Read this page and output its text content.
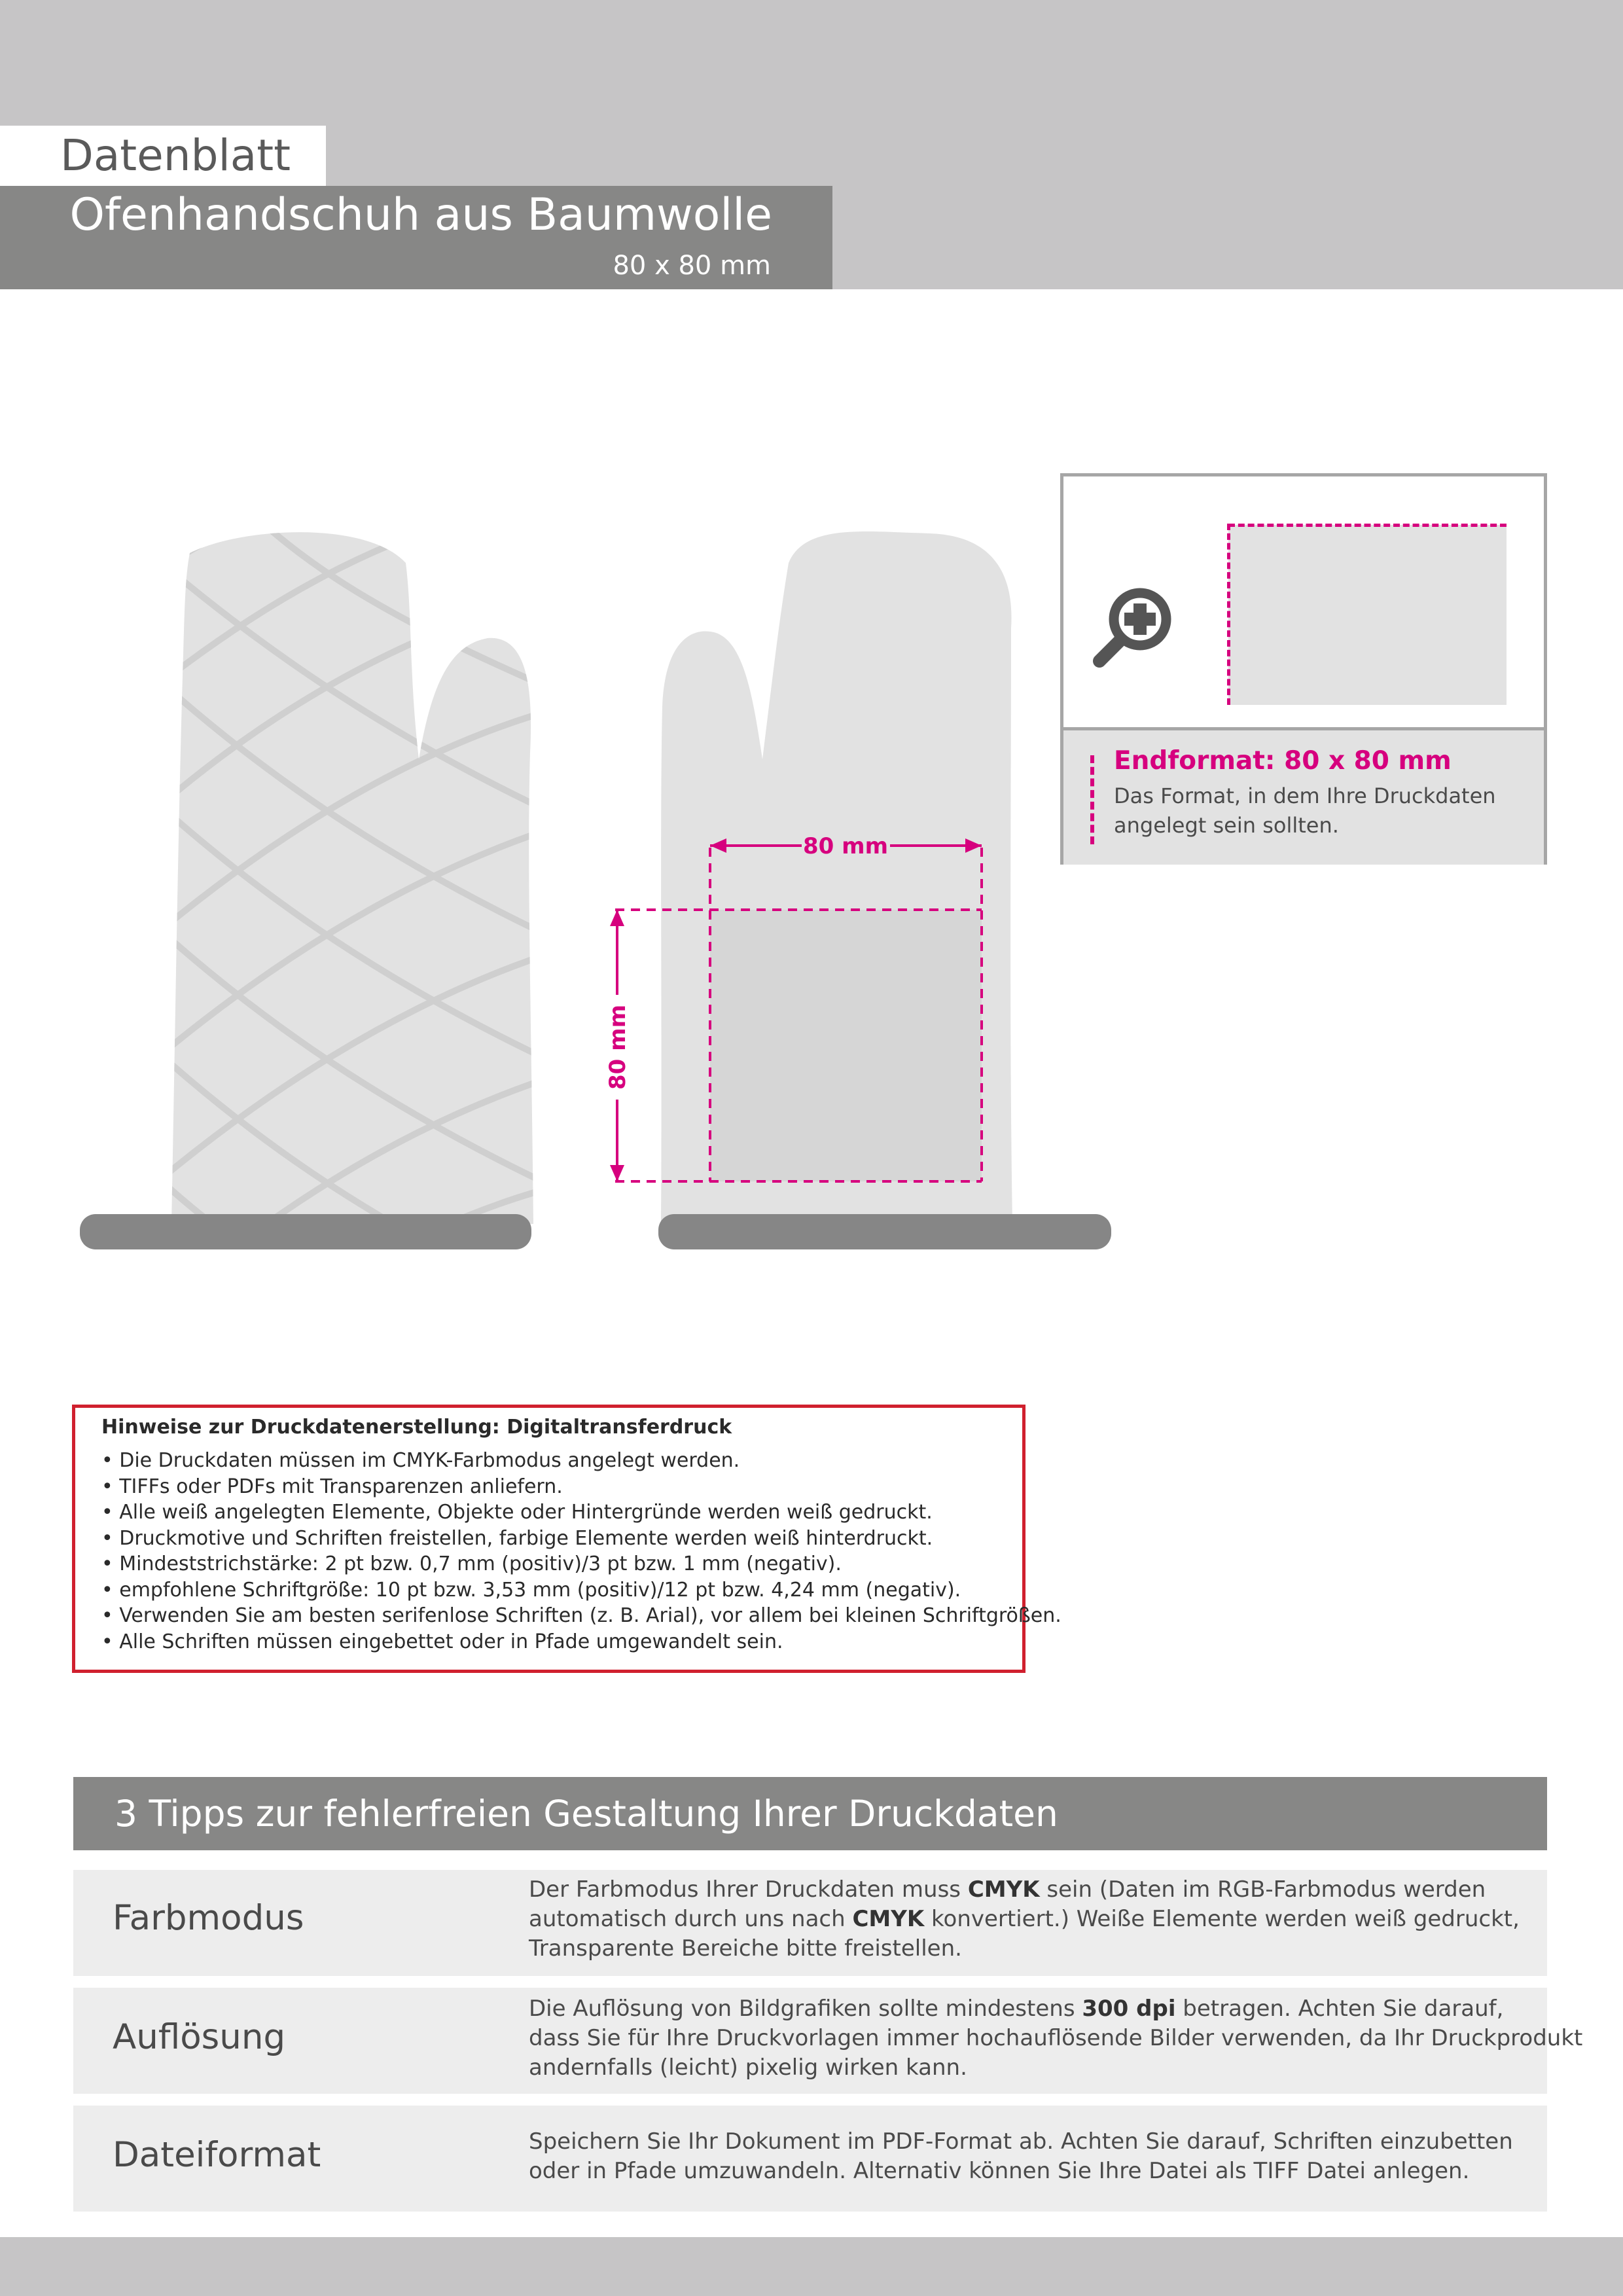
Datenblatt
Ofenhandschuh aus Baumwolle
80 x 80 mm
80 mm
80 mm
Endformat: 80 x 80 mm
Das Format, in dem Ihre Druckdaten
angelegt sein sollten.
Hinweise zur Druckdatenerstellung: Digitaltransferdruck
• Die Druckdaten müssen im CMYK-Farbmodus angelegt werden.
• TIFFs oder PDFs mit Transparenzen anliefern.
• Alle weiß angelegten Elemente, Objekte oder Hintergründe werden weiß gedruckt.
• Druckmotive und Schriften freistellen, farbige Elemente werden weiß hinterdruckt.
• Mindeststrichstärke: 2 pt bzw. 0,7 mm (positiv)/3 pt bzw. 1 mm (negativ).
• empfohlene Schriftgröße: 10 pt bzw. 3,53 mm (positiv)/12 pt bzw. 4,24 mm (negativ).
• Verwenden Sie am besten serifenlose Schriften (z. B. Arial), vor allem bei kleinen Schriftgrößen.
• Alle Schriften müssen eingebettet oder in Pfade umgewandelt sein.
3 Tipps zur fehlerfreien Gestaltung Ihrer Druckdaten
Farbmodus
Der Farbmodus Ihrer Druckdaten muss CMYK sein (Daten im RGB-Farbmodus werden
automatisch durch uns nach CMYK konvertiert.) Weiße Elemente werden weiß gedruckt,
Transparente Bereiche bitte freistellen.
Auflösung
Die Auflösung von Bildgrafiken sollte mindestens 300 dpi betragen. Achten Sie darauf,
dass Sie für Ihre Druckvorlagen immer hochauflösende Bilder verwenden, da Ihr Druckprodukt
andernfalls (leicht) pixelig wirken kann.
Dateiformat	Speichern Sie Ihr Dokument im PDF-Format ab. Achten Sie darauf, Schriften einzubetten
oder in Pfade umzuwandeln. Alternativ können Sie Ihre Datei als TIFF Datei anlegen.
